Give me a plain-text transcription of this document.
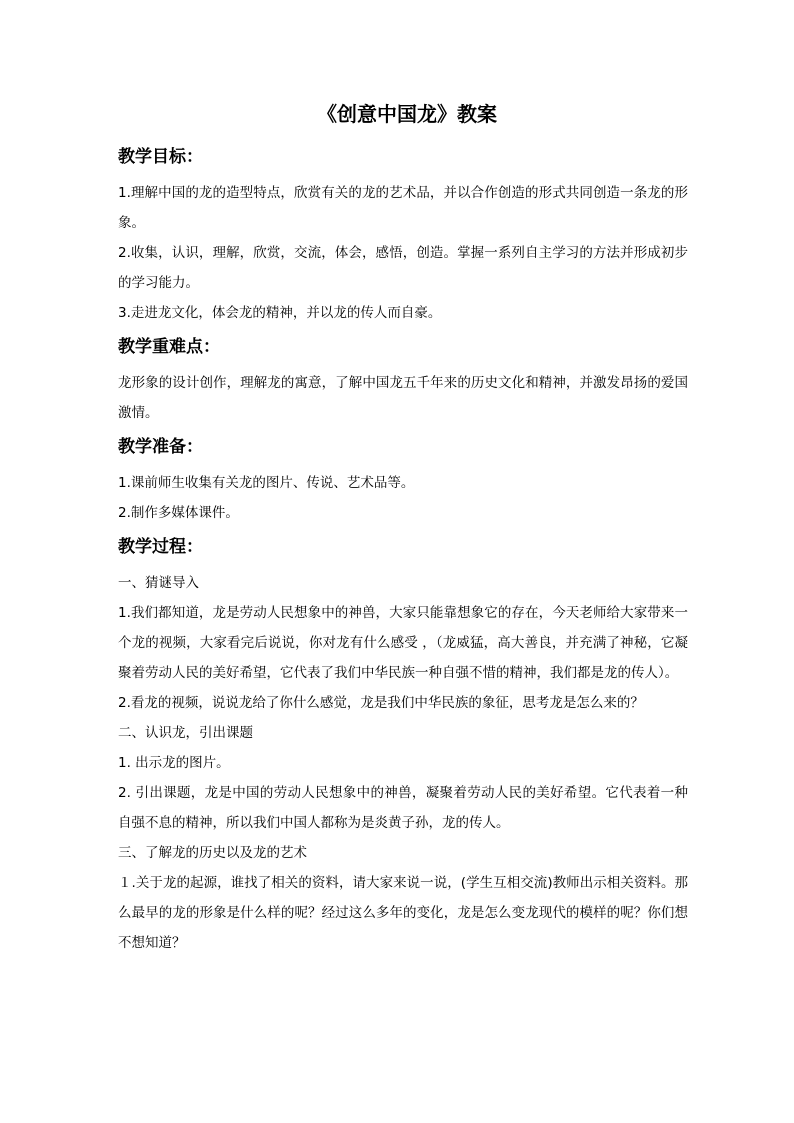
《创意中国龙》教案
教学目标：

1.理解中国的龙的造型特点，欣赏有关的龙的艺术品，并以合作创造的形式共同创造一条龙的形象。

2.收集，认识，理解，欣赏，交流，体会，感悟，创造。掌握一系列自主学习的方法并形成初步的学习能力。

3.走进龙文化，体会龙的精神，并以龙的传人而自豪。

教学重难点：

龙形象的设计创作，理解龙的寓意，了解中国龙五千年来的历史文化和精神，并激发昂扬的爱国激情。

教学准备：

1.课前师生收集有关龙的图片、传说、艺术品等。

2.制作多媒体课件。

教学过程：

一、猜谜导入

1.我们都知道，龙是劳动人民想象中的神兽，大家只能靠想象它的存在，今天老师给大家带来一个龙的视频，大家看完后说说，你对龙有什么感受 ，（龙威猛，高大善良，并充满了神秘，它凝聚着劳动人民的美好希望，它代表了我们中华民族一种自强不惜的精神，我们都是龙的传人）。

2.看龙的视频，说说龙给了你什么感觉，龙是我们中华民族的象征，思考龙是怎么来的？

二、认识龙，引出课题

1. 出示龙的图片。

2. 引出课题，龙是中国的劳动人民想象中的神兽，凝聚着劳动人民的美好希望。它代表着一种自强不息的精神，所以我们中国人都称为是炎黄子孙，龙的传人。

三、了解龙的历史以及龙的艺术

１.关于龙的起源，谁找了相关的资料，请大家来说一说，(学生互相交流)教师出示相关资料。那么最早的龙的形象是什么样的呢？经过这么多年的变化，龙是怎么变龙现代的模样的呢？你们想不想知道？
